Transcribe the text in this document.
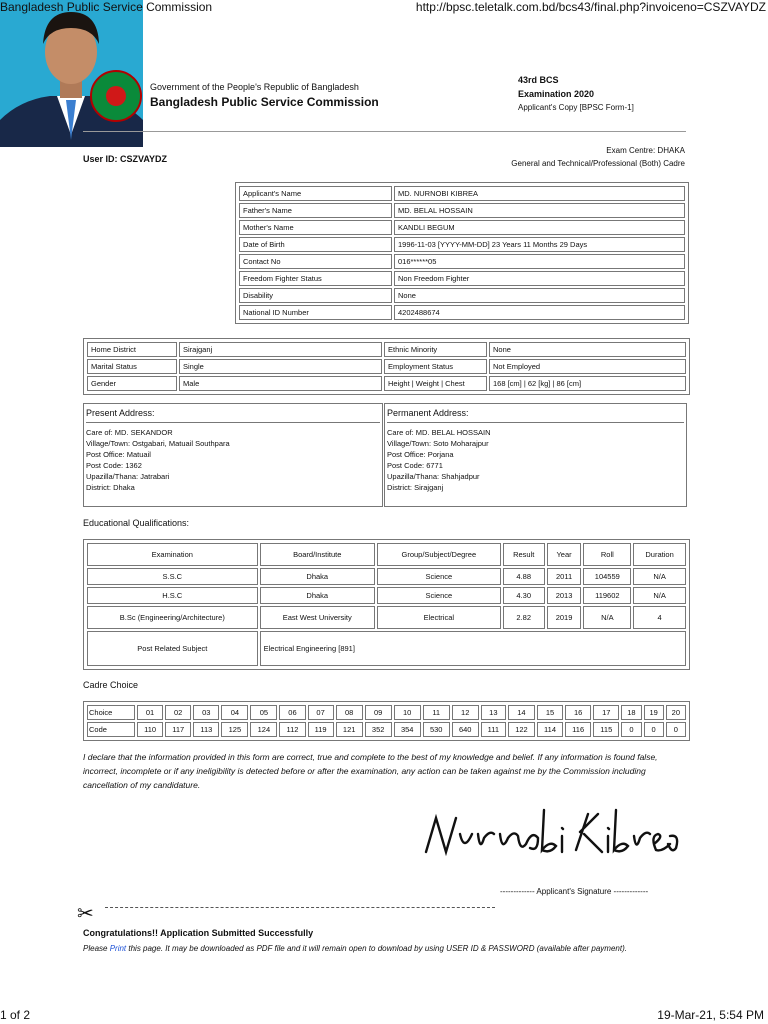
Bangladesh Public Service Commission	http://bpsc.teletalk.com.bd/bcs43/final.php?invoiceno=CSZVAYDZ
Government of the People's Republic of Bangladesh
Bangladesh Public Service Commission
43rd BCS
Examination 2020
Applicant's Copy [BPSC Form-1]
User ID: CSZVAYDZ
Exam Centre: DHAKA
General and Technical/Professional (Both) Cadre
Applicant's Name	MD. NURNOBI KIBREA
Father's Name	MD. BELAL HOSSAIN
Mother's Name	KANDLI BEGUM
Date of Birth	1996-11-03 [YYYY-MM-DD] 23 Years 11 Months 29 Days
Contact No	016******05
Freedom Fighter Status	Non Freedom Fighter
Disability	None
National ID Number	4202488674
Home District	Sirajganj	Ethnic Minority	None
Marital Status	Single	Employment Status	Not Employed
Gender	Male	Height | Weight | Chest	168 [cm] | 62 [kg] | 86 [cm]
Present Address:
Care of: MD. SEKANDOR
Village/Town: Ostgabari, Matuail Southpara
Post Office: Matuail
Post Code: 1362
Upazilla/Thana: Jatrabari
District: Dhaka
Permanent Address:
Care of: MD. BELAL HOSSAIN
Village/Town: Soto Moharajpur
Post Office: Porjana
Post Code: 6771
Upazilla/Thana: Shahjadpur
District: Sirajganj
Educational Qualifications:
Examination	Board/Institute	Group/Subject/Degree	Result	Year	Roll	Duration
S.S.C	Dhaka	Science	4.88	2011	104559	N/A
H.S.C	Dhaka	Science	4.30	2013	119602	N/A
B.Sc (Engineering/Architecture)	East West University	Electrical	2.82	2019	N/A	4
Post Related Subject	Electrical Engineering [891]					
Cadre Choice
Choice	01	02	03	04	05	06	07	08	09	10	11	12	13	14	15	16	17	18	19	20
Code	110	117	113	125	124	112	119	121	352	354	530	640	111	122	114	116	115	0	0	0
I declare that the information provided in this form are correct, true and complete to the best of my knowledge and belief. If any information is found false, incorrect, incomplete or if any ineligibility is detected before or after the examination, any action can be taken against me by the Commission including cancellation of my candidature.
------------- Applicant's Signature -------------
✂
Congratulations!! Application Submitted Successfully
Please Print this page. It may be downloaded as PDF file and it will remain open to download by using USER ID & PASSWORD (available after payment).
1 of 2	19-Mar-21, 5:54 PM
